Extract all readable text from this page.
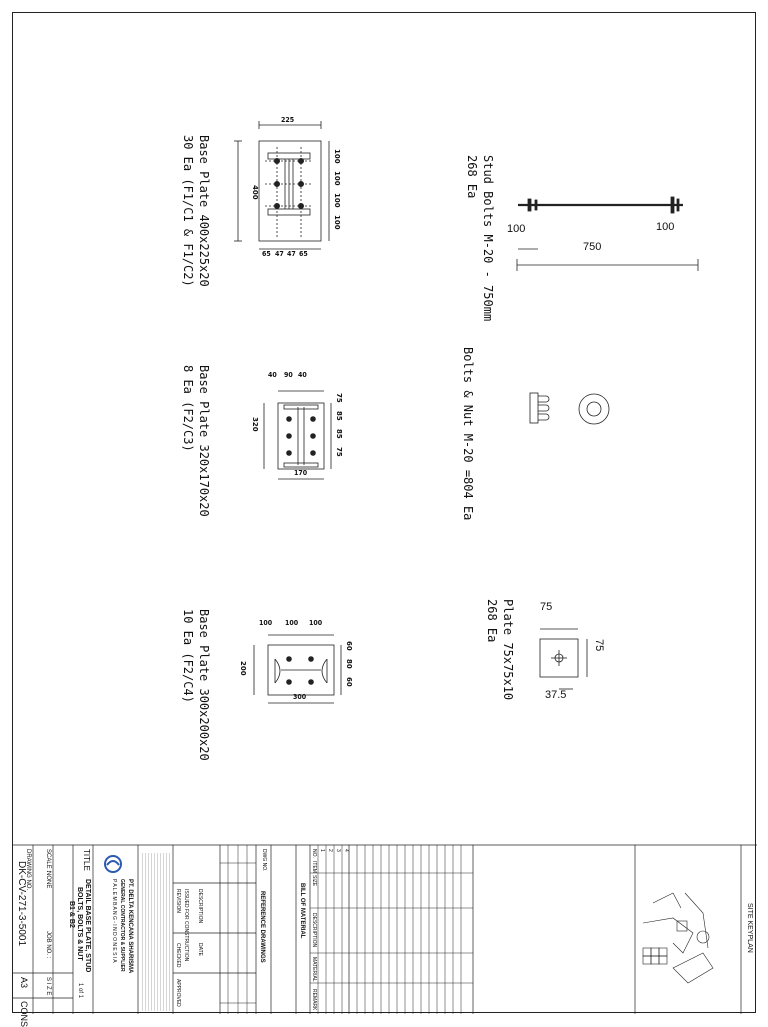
Base Plate 400x225x20
30 Ea (F1/C1 & F1/C2)
225
400
100
100
100
100
65 47 47 65
Base Plate 320x170x20
8 Ea (F2/C3)	40 90 40
320
75
85
85
75
170
Base Plate 300x200x20
10 Ea (F2/C4)	100 100 100
200
60
80
60
300
Stud Bolts M-20 - 750mm
268 Ea
100	100
750
Bolts & Nut M-20 =804 Ea
Plate 75x75x10
268 Ea	75
75
37.5
DRAWING NO.
DK-CV-271-3-5001
A3
CONS
SCALE :
NONE
JOB NO. :
S I Z E
TITLE
DETAIL BASE PLATE, STUD
BOLTS, BOLTS & NUT
B1 & B2
1 of 1
PT. DELTA KENCANA SHARISMA
GENERAL CONTRACTOR & SUPPLIER
P A L E M B A N G - I N D O N E S I A	REVISION ISSUED FOR CONSTRUCTION
CHECKED
APPROVED
DESCRIPTION
DATE	REFERENCE DRAWINGS
DWG NO.
BILL OF MATERIAL
NO.
ITEM
SIZE
DESCRIPTION
MATERIAL
REMARK
1 2 3 4
SITE KEYPLAN
